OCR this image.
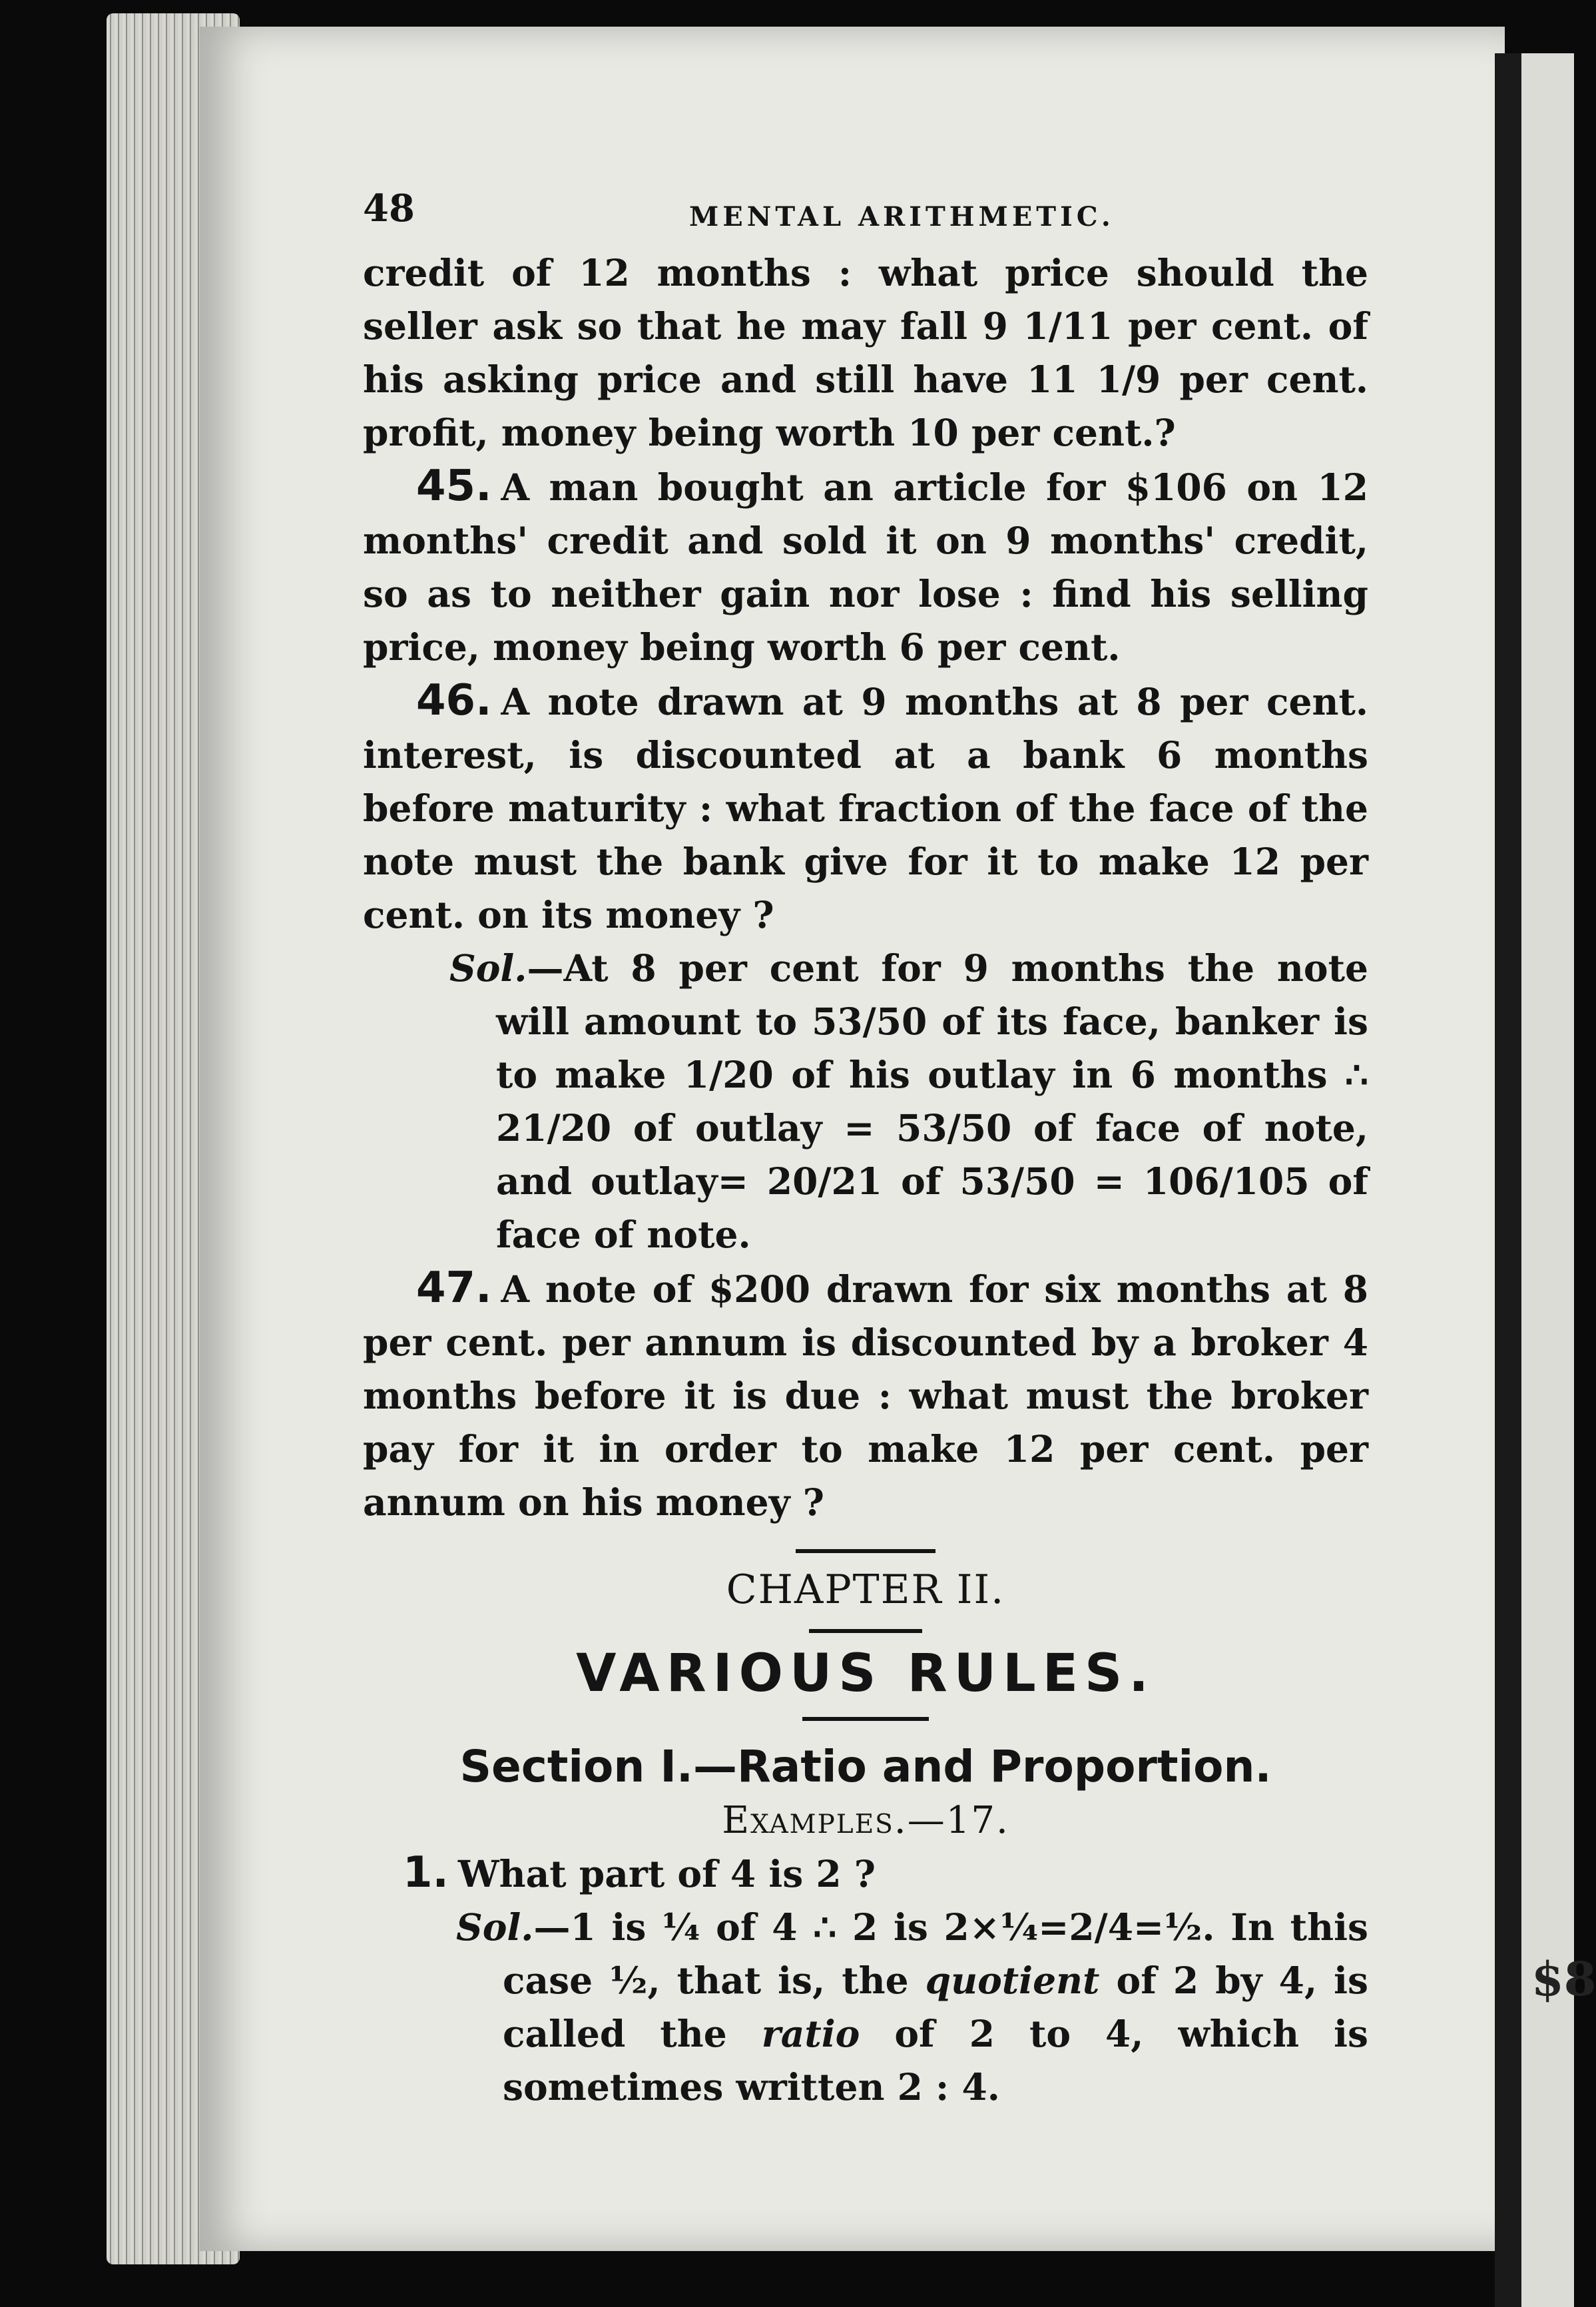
$8
48	MENTAL ARITHMETIC.

credit of 12 months : what price should the seller ask so that he may fall 9 1/11 per cent. of his asking price and still have 11 1/9 per cent. profit, money being worth 10 per cent.?

45. A man bought an article for $106 on 12 months' credit and sold it on 9 months' credit, so as to neither gain nor lose : find his selling price, money being worth 6 per cent.

46. A note drawn at 9 months at 8 per cent. interest, is discounted at a bank 6 months before maturity : what fraction of the face of the note must the bank give for it to make 12 per cent. on its money ?

Sol.—At 8 per cent for 9 months the note will amount to 53/50 of its face, banker is to make 1/20 of his outlay in 6 months ∴ 21/20 of outlay = 53/50 of face of note, and outlay= 20/21 of 53/50 = 106/105 of face of note.

47. A note of $200 drawn for six months at 8 per cent. per annum is discounted by a broker 4 months before it is due : what must the broker pay for it in order to make 12 per cent. per annum on his money ?

CHAPTER II.
VARIOUS RULES.
Section I.—Ratio and Proportion.
Examples.—17.

1. What part of 4 is 2 ?

Sol.—1 is ¼ of 4 ∴ 2 is 2×¼=2/4=½. In this case ½, that is, the quotient of 2 by 4, is called the ratio of 2 to 4, which is sometimes written 2 : 4.
